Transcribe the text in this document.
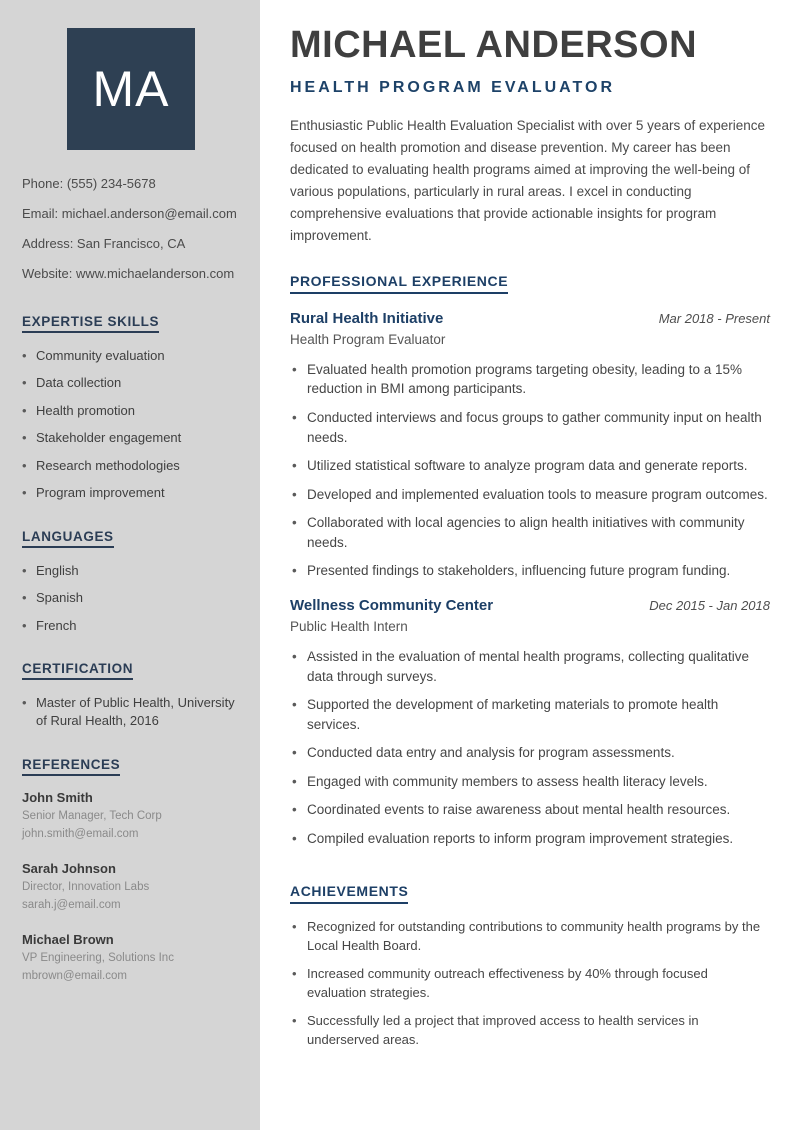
MA
Phone: (555) 234-5678
Email: michael.anderson@email.com
Address: San Francisco, CA
Website: www.michaelanderson.com
EXPERTISE SKILLS
• Community evaluation
• Data collection
• Health promotion
• Stakeholder engagement
• Research methodologies
• Program improvement
LANGUAGES
• English
• Spanish
• French
CERTIFICATION
• Master of Public Health, University of Rural Health, 2016
REFERENCES
John Smith
Senior Manager, Tech Corp
john.smith@email.com
Sarah Johnson
Director, Innovation Labs
sarah.j@email.com
Michael Brown
VP Engineering, Solutions Inc
mbrown@email.com
MICHAEL ANDERSON
HEALTH PROGRAM EVALUATOR

Enthusiastic Public Health Evaluation Specialist with over 5 years of experience focused on health promotion and disease prevention. My career has been dedicated to evaluating health programs aimed at improving the well-being of various populations, particularly in rural areas. I excel in conducting comprehensive evaluations that provide actionable insights for program improvement.

PROFESSIONAL EXPERIENCE
Rural Health Initiative	Mar 2018 - Present
Health Program Evaluator
• Evaluated health promotion programs targeting obesity, leading to a 15% reduction in BMI among participants.
• Conducted interviews and focus groups to gather community input on health needs.
• Utilized statistical software to analyze program data and generate reports.
• Developed and implemented evaluation tools to measure program outcomes.
• Collaborated with local agencies to align health initiatives with community needs.
• Presented findings to stakeholders, influencing future program funding.
Wellness Community Center	Dec 2015 - Jan 2018
Public Health Intern
• Assisted in the evaluation of mental health programs, collecting qualitative data through surveys.
• Supported the development of marketing materials to promote health services.
• Conducted data entry and analysis for program assessments.
• Engaged with community members to assess health literacy levels.
• Coordinated events to raise awareness about mental health resources.
• Compiled evaluation reports to inform program improvement strategies.
ACHIEVEMENTS
• Recognized for outstanding contributions to community health programs by the Local Health Board.
• Increased community outreach effectiveness by 40% through focused evaluation strategies.
• Successfully led a project that improved access to health services in underserved areas.
